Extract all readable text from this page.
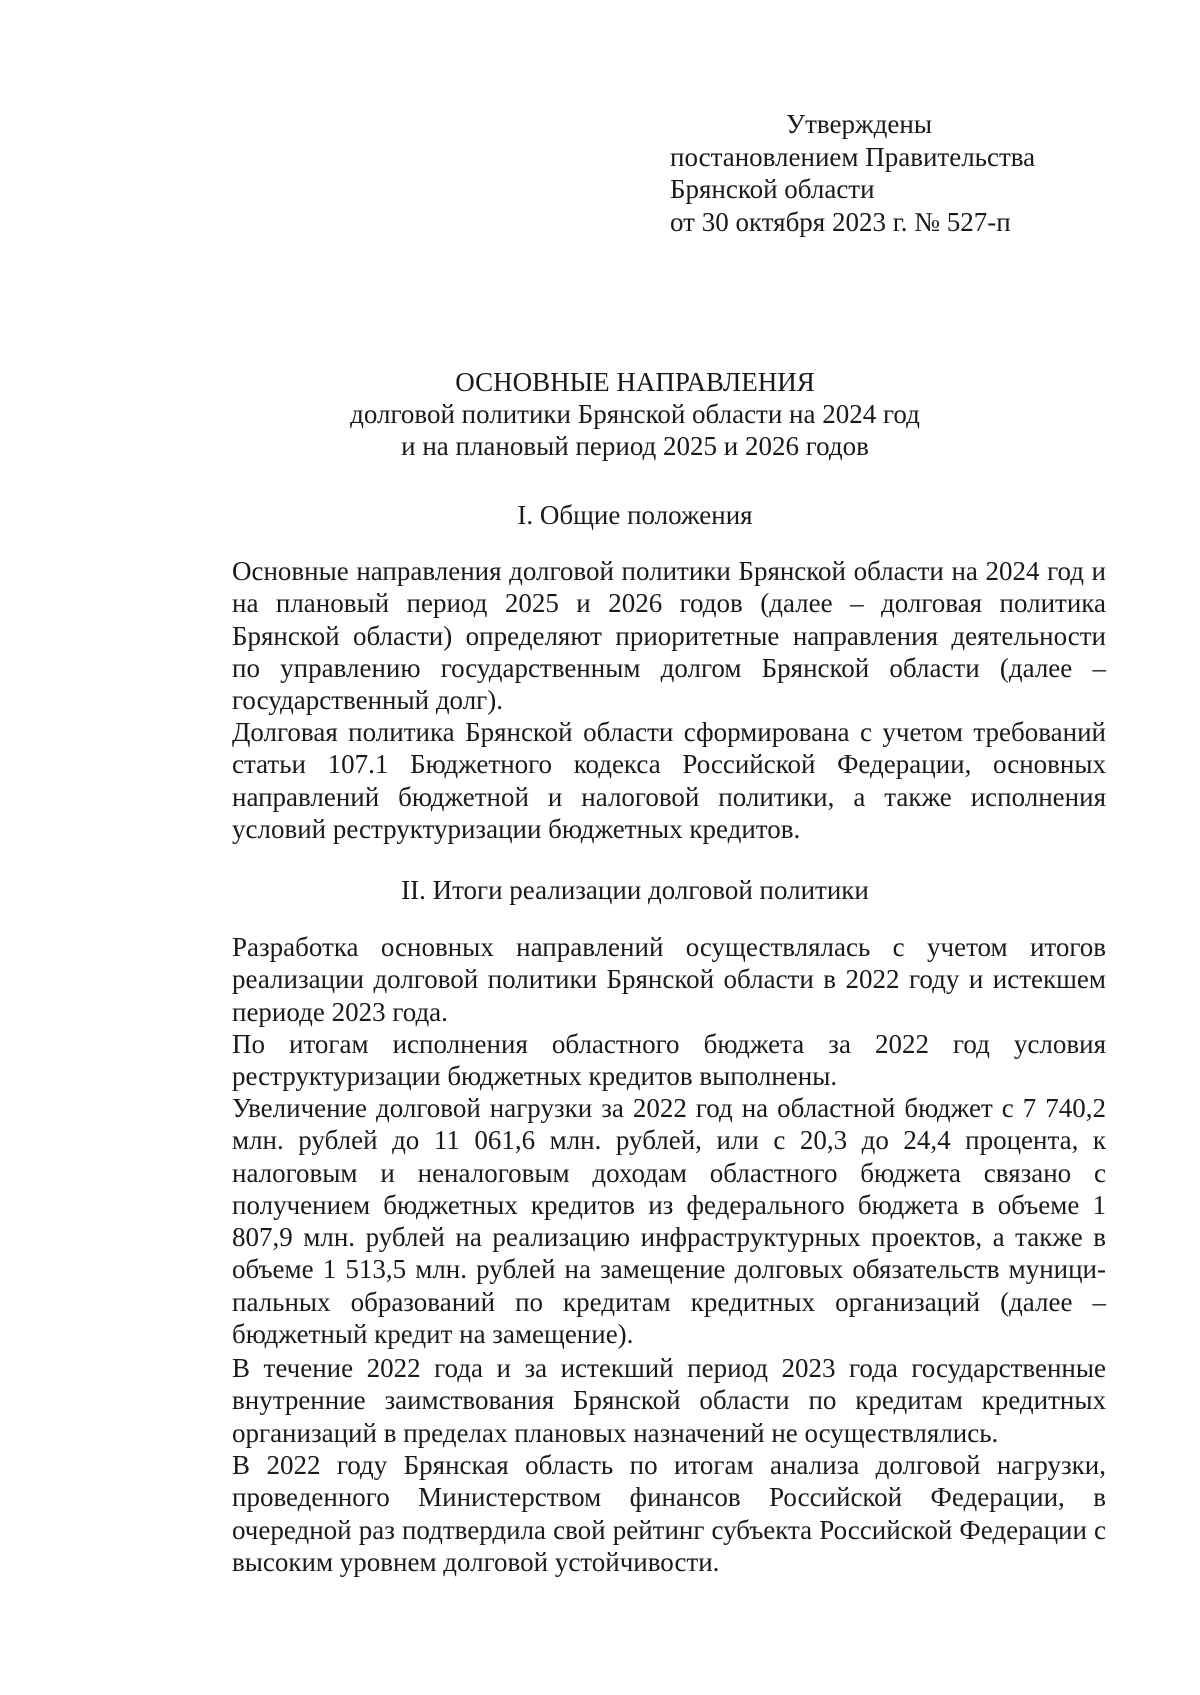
Утверждены
постановлением Правительства
Брянской области
от 30 октября 2023 г. № 527-п
ОСНОВНЫЕ НАПРАВЛЕНИЯ
долговой политики Брянской области на 2024 год
и на плановый период 2025 и 2026 годов
I. Общие положения
Основные направления долговой политики Брянской области на 2024 год и на плановый период 2025 и 2026 годов (далее – долговая политика Брянской области) определяют приоритетные направления деятельности по управлению государственным долгом Брянской области (далее – государственный долг).
Долговая политика Брянской области сформирована с учетом требований статьи 107.1 Бюджетного кодекса Российской Федерации, основных направлений бюджетной и налоговой политики, а также исполнения условий реструктуризации бюджетных кредитов.
II. Итоги реализации долговой политики
Разработка основных направлений осуществлялась с учетом итогов реализации долговой политики Брянской области в 2022 году и истекшем периоде 2023 года.
По итогам исполнения областного бюджета за 2022 год условия реструктуризации бюджетных кредитов выполнены.
Увеличение долговой нагрузки за 2022 год на областной бюджет с 7 740,2 млн. рублей до 11 061,6 млн. рублей, или с 20,3 до 24,4 процента, к налоговым и неналоговым доходам областного бюджета связано с получением бюджетных кредитов из федерального бюджета в объеме 1 807,9 млн. рублей на реализацию инфраструктурных проектов, а также в объеме 1 513,5 млн. рублей на замещение долговых обязательств муниципальных образований по кредитам кредитных организаций (далее – бюджетный кредит на замещение).
В течение 2022 года и за истекший период 2023 года государственные внутренние заимствования Брянской области по кредитам кредитных организаций в пределах плановых назначений не осуществлялись.
В 2022 году Брянская область по итогам анализа долговой нагрузки, проведенного Министерством финансов Российской Федерации, в очередной раз подтвердила свой рейтинг субъекта Российской Федерации с высоким уровнем долговой устойчивости.
